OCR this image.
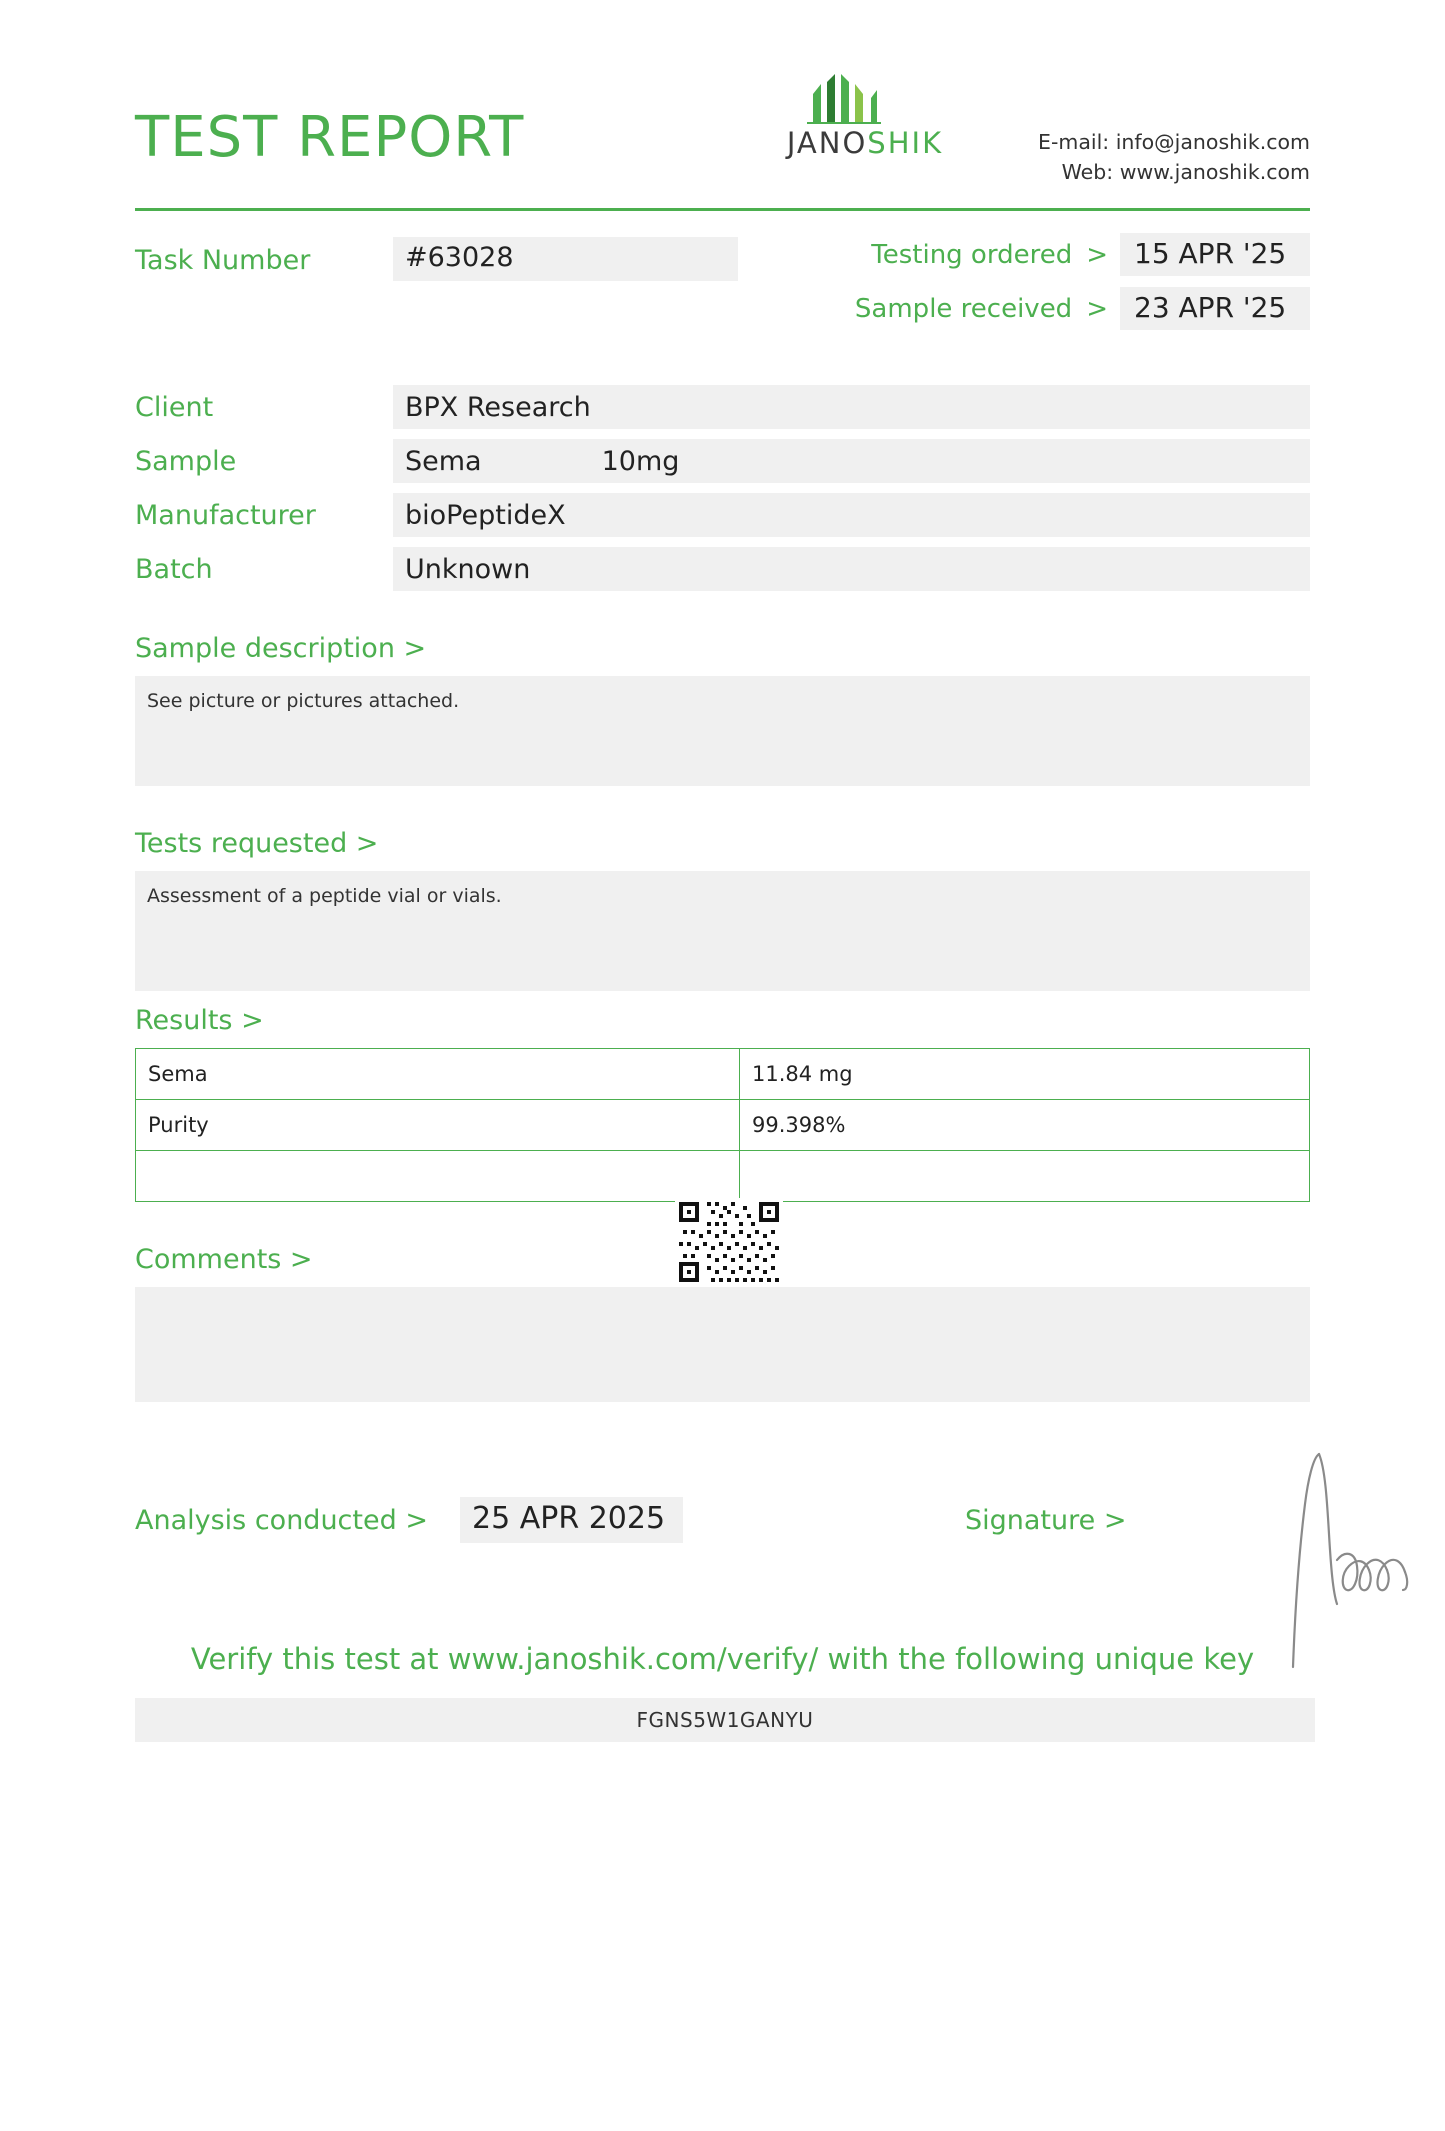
TEST REPORT	JANOSHIK	E-mail: info@janoshik.com
Web: www.janoshik.com
Task Number	#63028	Testing ordered > 15 APR '25
Sample received > 23 APR '25
Client	BPX Research
Sample	Sema	10mg
Manufacturer	bioPeptideX
Batch	Unknown
Sample description >
See picture or pictures attached.
Tests requested >
Assessment of a peptide vial or vials.
Results >
Sema	11.84 mg
Purity	99.398%

Comments >
Analysis conducted >	25 APR 2025	Signature >
Verify this test at www.janoshik.com/verify/ with the following unique key
FGNS5W1GANYU
